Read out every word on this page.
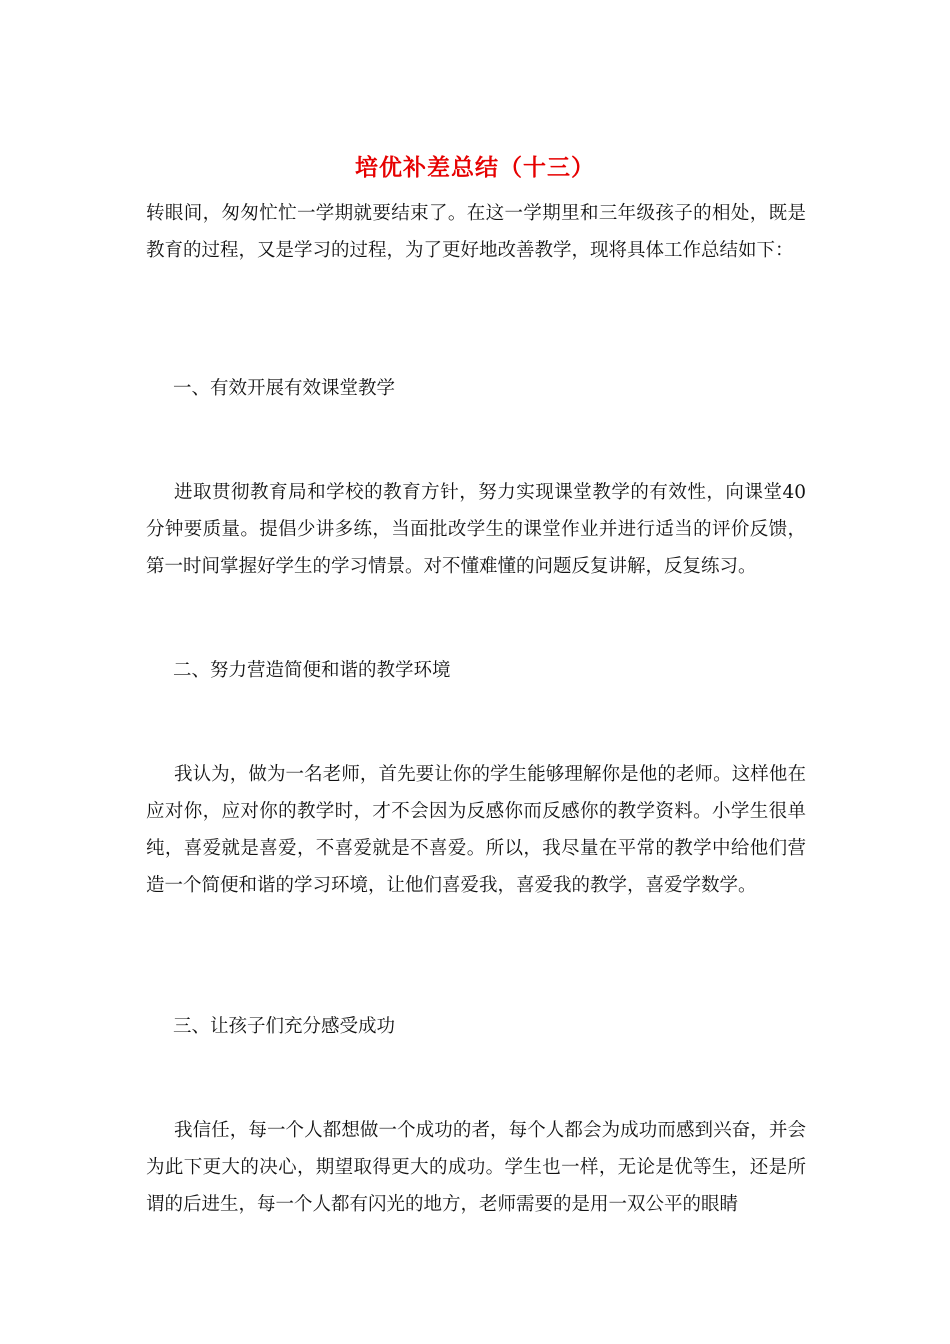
培优补差总结（十三）

转眼间，匆匆忙忙一学期就要结束了。在这一学期里和三年级孩子的相处，既是教育的过程，又是学习的过程，为了更好地改善教学，现将具体工作总结如下：

一、有效开展有效课堂教学

进取贯彻教育局和学校的教育方针，努力实现课堂教学的有效性，向课堂40分钟要质量。提倡少讲多练，当面批改学生的课堂作业并进行适当的评价反馈，第一时间掌握好学生的学习情景。对不懂难懂的问题反复讲解，反复练习。

二、努力营造简便和谐的教学环境

我认为，做为一名老师，首先要让你的学生能够理解你是他的老师。这样他在应对你，应对你的教学时，才不会因为反感你而反感你的教学资料。小学生很单纯，喜爱就是喜爱，不喜爱就是不喜爱。所以，我尽量在平常的教学中给他们营造一个简便和谐的学习环境，让他们喜爱我，喜爱我的教学，喜爱学数学。

三、让孩子们充分感受成功

我信任，每一个人都想做一个成功的者，每个人都会为成功而感到兴奋，并会为此下更大的决心，期望取得更大的成功。学生也一样，无论是优等生，还是所谓的后进生，每一个人都有闪光的地方，老师需要的是用一双公平的眼睛
